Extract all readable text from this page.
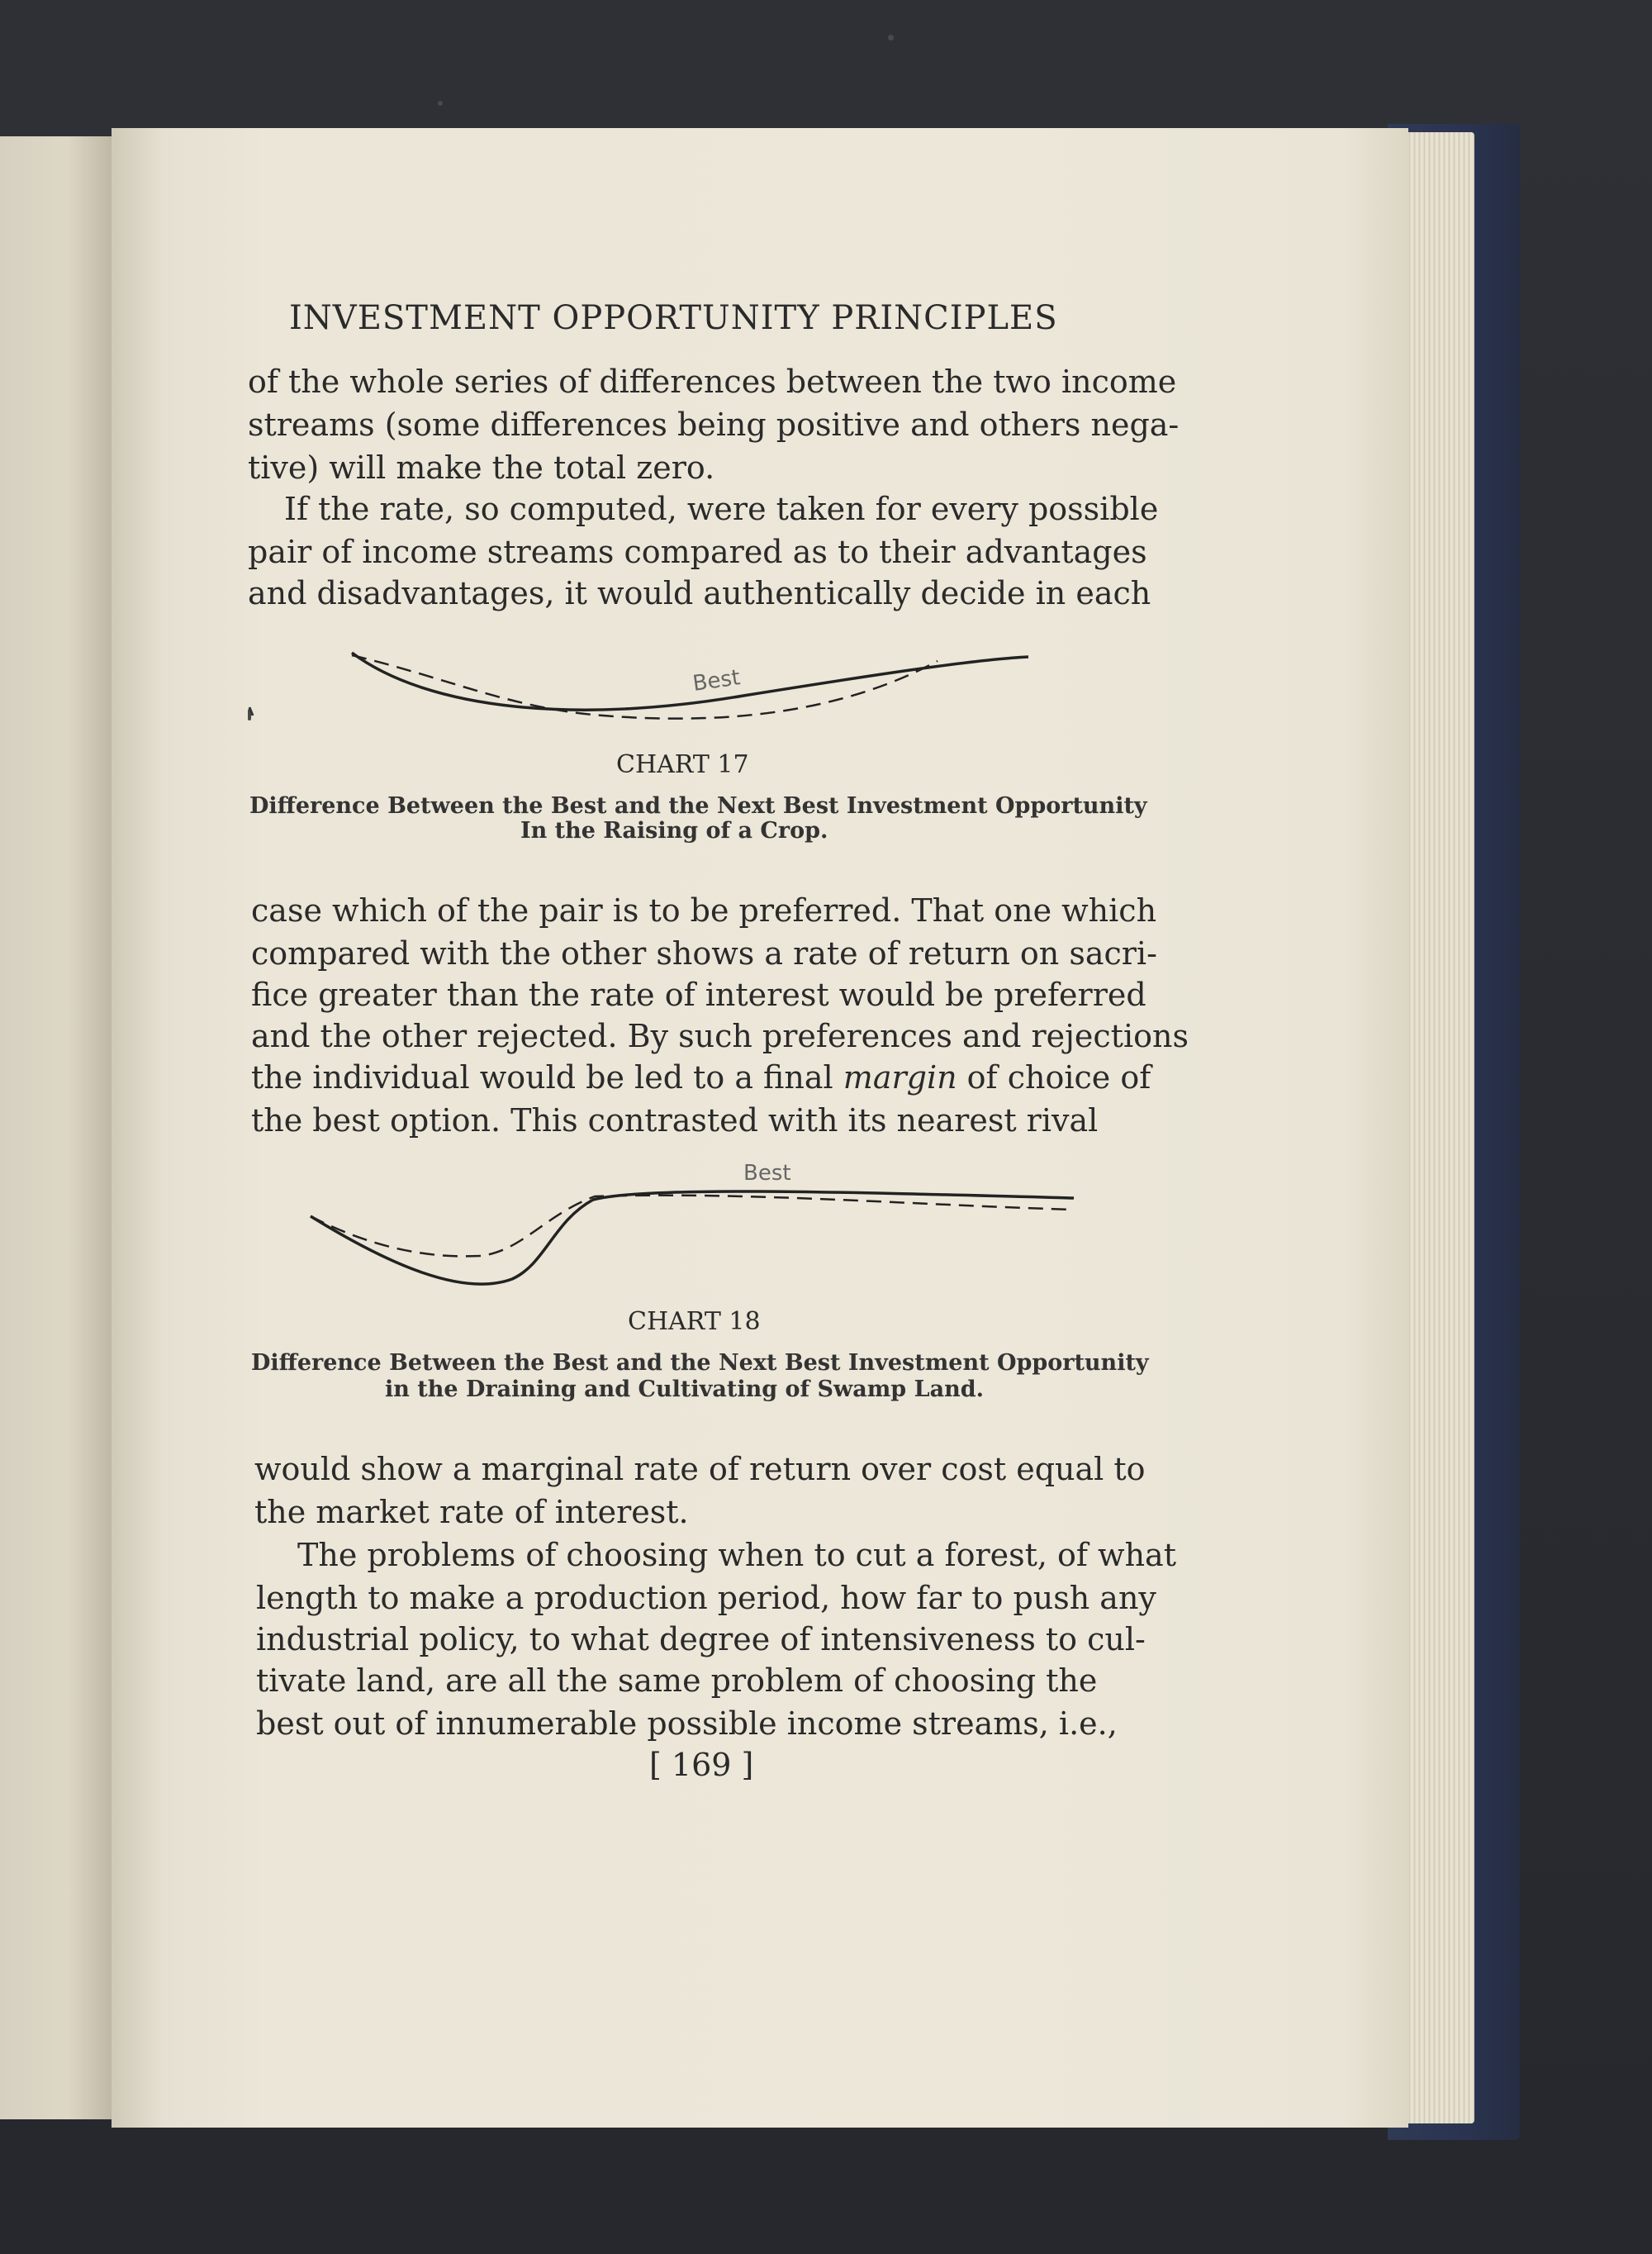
INVESTMENT OPPORTUNITY PRINCIPLES
of the whole series of differences between the two income
streams (some differences being positive and others nega-
tive) will make the total zero.
If the rate, so computed, were taken for every possible
pair of income streams compared as to their advantages
and disadvantages, it would authentically decide in each
Best
CHART 17
Difference Between the Best and the Next Best Investment Opportunity
In the Raising of a Crop.
case which of the pair is to be preferred. That one which
compared with the other shows a rate of return on sacri-
fice greater than the rate of interest would be preferred
and the other rejected. By such preferences and rejections
the individual would be led to a final margin of choice of
the best option. This contrasted with its nearest rival
Best
CHART 18
Difference Between the Best and the Next Best Investment Opportunity
in the Draining and Cultivating of Swamp Land.
would show a marginal rate of return over cost equal to
the market rate of interest.
The problems of choosing when to cut a forest, of what
length to make a production period, how far to push any
industrial policy, to what degree of intensiveness to cul-
tivate land, are all the same problem of choosing the
best out of innumerable possible income streams, i.e.,
[ 169 ]
